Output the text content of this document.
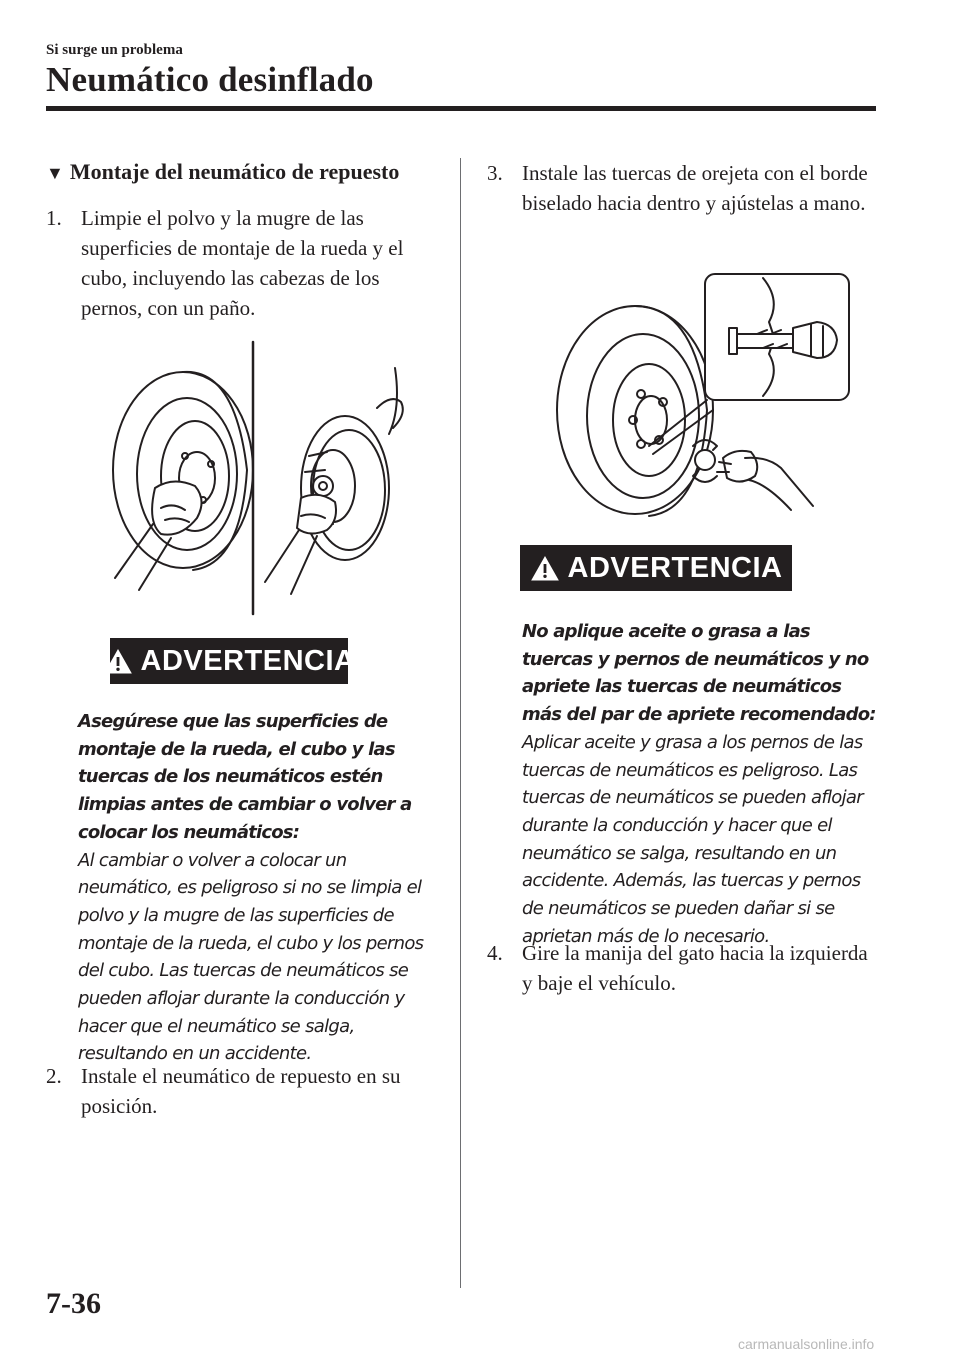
Si surge un problema
Neumático desinflado
▼ Montaje del neumático de repuesto
1. Limpie el polvo y la mugre de las superficies de montaje de la rueda y el cubo, incluyendo las cabezas de los pernos, con un paño.
ADVERTENCIA
Asegúrese que las superficies de montaje de la rueda, el cubo y las tuercas de los neumáticos estén limpias antes de cambiar o volver a colocar los neumáticos:
Al cambiar o volver a colocar un neumático, es peligroso si no se limpia el polvo y la mugre de las superficies de montaje de la rueda, el cubo y los pernos del cubo. Las tuercas de neumáticos se pueden aflojar durante la conducción y hacer que el neumático se salga, resultando en un accidente.
2. Instale el neumático de repuesto en su posición.
3. Instale las tuercas de orejeta con el borde biselado hacia dentro y ajústelas a mano.
ADVERTENCIA
No aplique aceite o grasa a las tuercas y pernos de neumáticos y no apriete las tuercas de neumáticos más del par de apriete recomendado:
Aplicar aceite y grasa a los pernos de las tuercas de neumáticos es peligroso. Las tuercas de neumáticos se pueden aflojar durante la conducción y hacer que el neumático se salga, resultando en un accidente. Además, las tuercas y pernos de neumáticos se pueden dañar si se aprietan más de lo necesario.
4. Gire la manija del gato hacia la izquierda y baje el vehículo.
7-36
carmanualsonline.info
